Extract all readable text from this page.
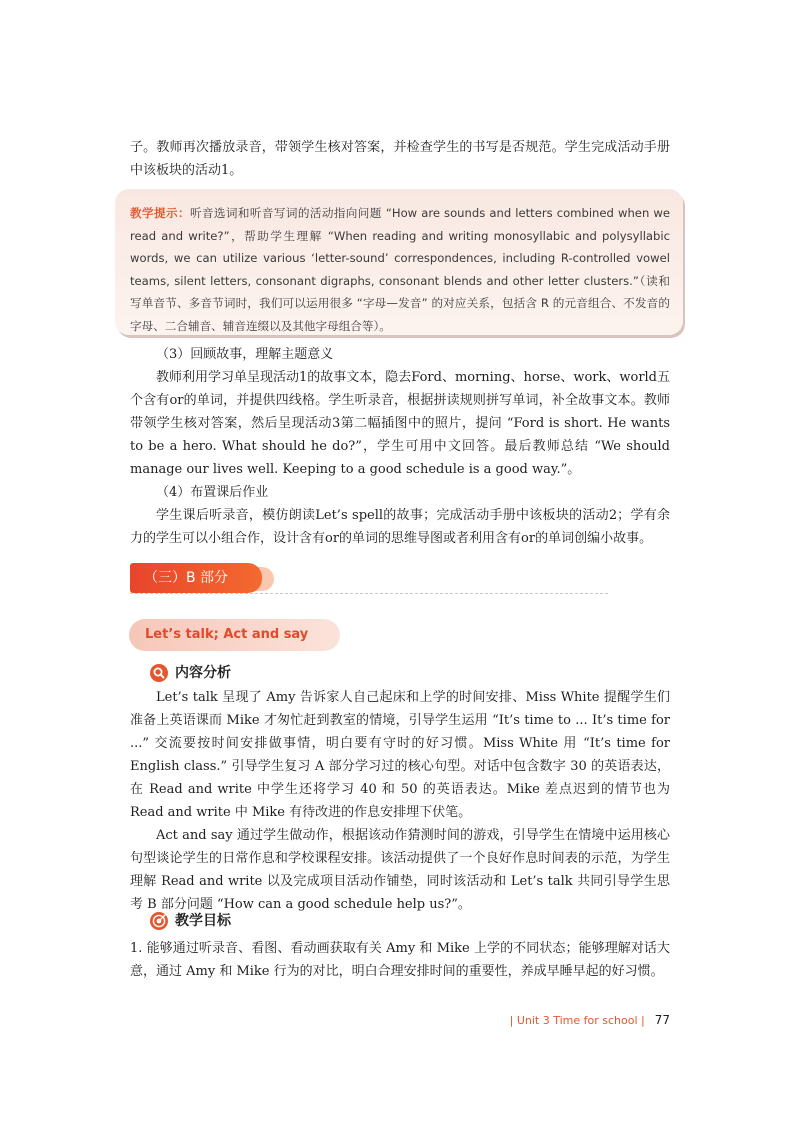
子。教师再次播放录音，带领学生核对答案，并检查学生的书写是否规范。学生完成活动手册中该板块的活动1。

教学提示：听音选词和听音写词的活动指向问题 “How are sounds and letters combined when we read and write?”，帮助学生理解 “When reading and writing monosyllabic and polysyllabic words, we can utilize various ‘letter-sound’ correspondences, including R-controlled vowel teams, silent letters, consonant digraphs, consonant blends and other letter clusters.”（读和写单音节、多音节词时，我们可以运用很多 “字母—发音” 的对应关系，包括含 R 的元音组合、不发音的字母、二合辅音、辅音连缀以及其他字母组合等）。

（3）回顾故事，理解主题意义

教师利用学习单呈现活动1的故事文本，隐去Ford、morning、horse、work、world五个含有or的单词，并提供四线格。学生听录音，根据拼读规则拼写单词，补全故事文本。教师带领学生核对答案，然后呈现活动3第二幅插图中的照片，提问 “Ford is short. He wants to be a hero. What should he do?”，学生可用中文回答。最后教师总结 “We should manage our lives well. Keeping to a good schedule is a good way.”。

（4）布置课后作业

学生课后听录音，模仿朗读Let’s spell的故事；完成活动手册中该板块的活动2；学有余力的学生可以小组合作，设计含有or的单词的思维导图或者利用含有or的单词创编小故事。

（三）B 部分
Let’s talk; Act and say
内容分析

Let’s talk 呈现了 Amy 告诉家人自己起床和上学的时间安排、Miss White 提醒学生们准备上英语课而 Mike 才匆忙赶到教室的情境，引导学生运用 “It’s time to ... It’s time for ...” 交流要按时间安排做事情，明白要有守时的好习惯。Miss White 用 “It’s time for English class.” 引导学生复习 A 部分学习过的核心句型。对话中包含数字 30 的英语表达，在 Read and write 中学生还将学习 40 和 50 的英语表达。Mike 差点迟到的情节也为 Read and write 中 Mike 有待改进的作息安排埋下伏笔。

Act and say 通过学生做动作，根据该动作猜测时间的游戏，引导学生在情境中运用核心句型谈论学生的日常作息和学校课程安排。该活动提供了一个良好作息时间表的示范，为学生理解 Read and write 以及完成项目活动作铺垫，同时该活动和 Let’s talk 共同引导学生思考 B 部分问题 “How can a good schedule help us?”。

教学目标

1. 能够通过听录音、看图、看动画获取有关 Amy 和 Mike 上学的不同状态；能够理解对话大意，通过 Amy 和 Mike 行为的对比，明白合理安排时间的重要性，养成早睡早起的好习惯。

| Unit 3 Time for school | 77
